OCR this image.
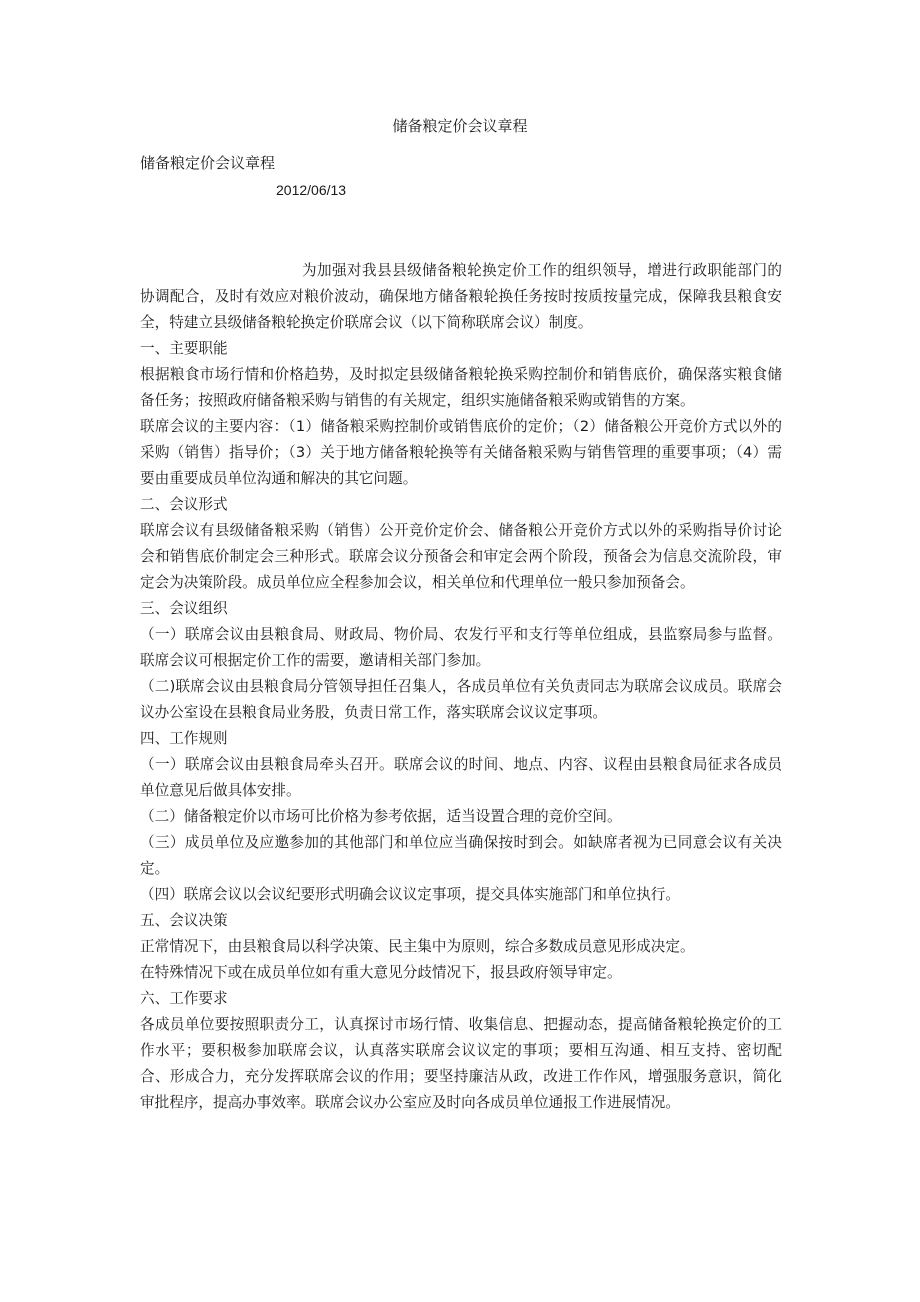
储备粮定价会议章程
储备粮定价会议章程
2012/06/13

为加强对我县县级储备粮轮换定价工作的组织领导，增进行政职能部门的协调配合，及时有效应对粮价波动，确保地方储备粮轮换任务按时按质按量完成，保障我县粮食安全，特建立县级储备粮轮换定价联席会议（以下简称联席会议）制度。

一、主要职能

根据粮食市场行情和价格趋势，及时拟定县级储备粮轮换采购控制价和销售底价，确保落实粮食储备任务；按照政府储备粮采购与销售的有关规定，组织实施储备粮采购或销售的方案。

联席会议的主要内容：（1）储备粮采购控制价或销售底价的定价；（2）储备粮公开竞价方式以外的采购（销售）指导价；（3）关于地方储备粮轮换等有关储备粮采购与销售管理的重要事项；（4）需要由重要成员单位沟通和解决的其它问题。

二、会议形式

联席会议有县级储备粮采购（销售）公开竞价定价会、储备粮公开竞价方式以外的采购指导价讨论会和销售底价制定会三种形式。联席会议分预备会和审定会两个阶段，预备会为信息交流阶段，审定会为决策阶段。成员单位应全程参加会议，相关单位和代理单位一般只参加预备会。

三、会议组织

（一）联席会议由县粮食局、财政局、物价局、农发行平和支行等单位组成，县监察局参与监督。联席会议可根据定价工作的需要，邀请相关部门参加。

（二)联席会议由县粮食局分管领导担任召集人，各成员单位有关负责同志为联席会议成员。联席会议办公室设在县粮食局业务股，负责日常工作，落实联席会议议定事项。

四、工作规则

（一）联席会议由县粮食局牵头召开。联席会议的时间、地点、内容、议程由县粮食局征求各成员单位意见后做具体安排。

（二）储备粮定价以市场可比价格为参考依据，适当设置合理的竞价空间。

（三）成员单位及应邀参加的其他部门和单位应当确保按时到会。如缺席者视为已同意会议有关决定。

（四）联席会议以会议纪要形式明确会议议定事项，提交具体实施部门和单位执行。

五、会议决策

正常情况下，由县粮食局以科学决策、民主集中为原则，综合多数成员意见形成决定。

在特殊情况下或在成员单位如有重大意见分歧情况下，报县政府领导审定。

六、工作要求

各成员单位要按照职责分工，认真探讨市场行情、收集信息、把握动态，提高储备粮轮换定价的工作水平；要积极参加联席会议，认真落实联席会议议定的事项；要相互沟通、相互支持、密切配合、形成合力，充分发挥联席会议的作用；要坚持廉洁从政，改进工作作风，增强服务意识，简化审批程序，提高办事效率。联席会议办公室应及时向各成员单位通报工作进展情况。
